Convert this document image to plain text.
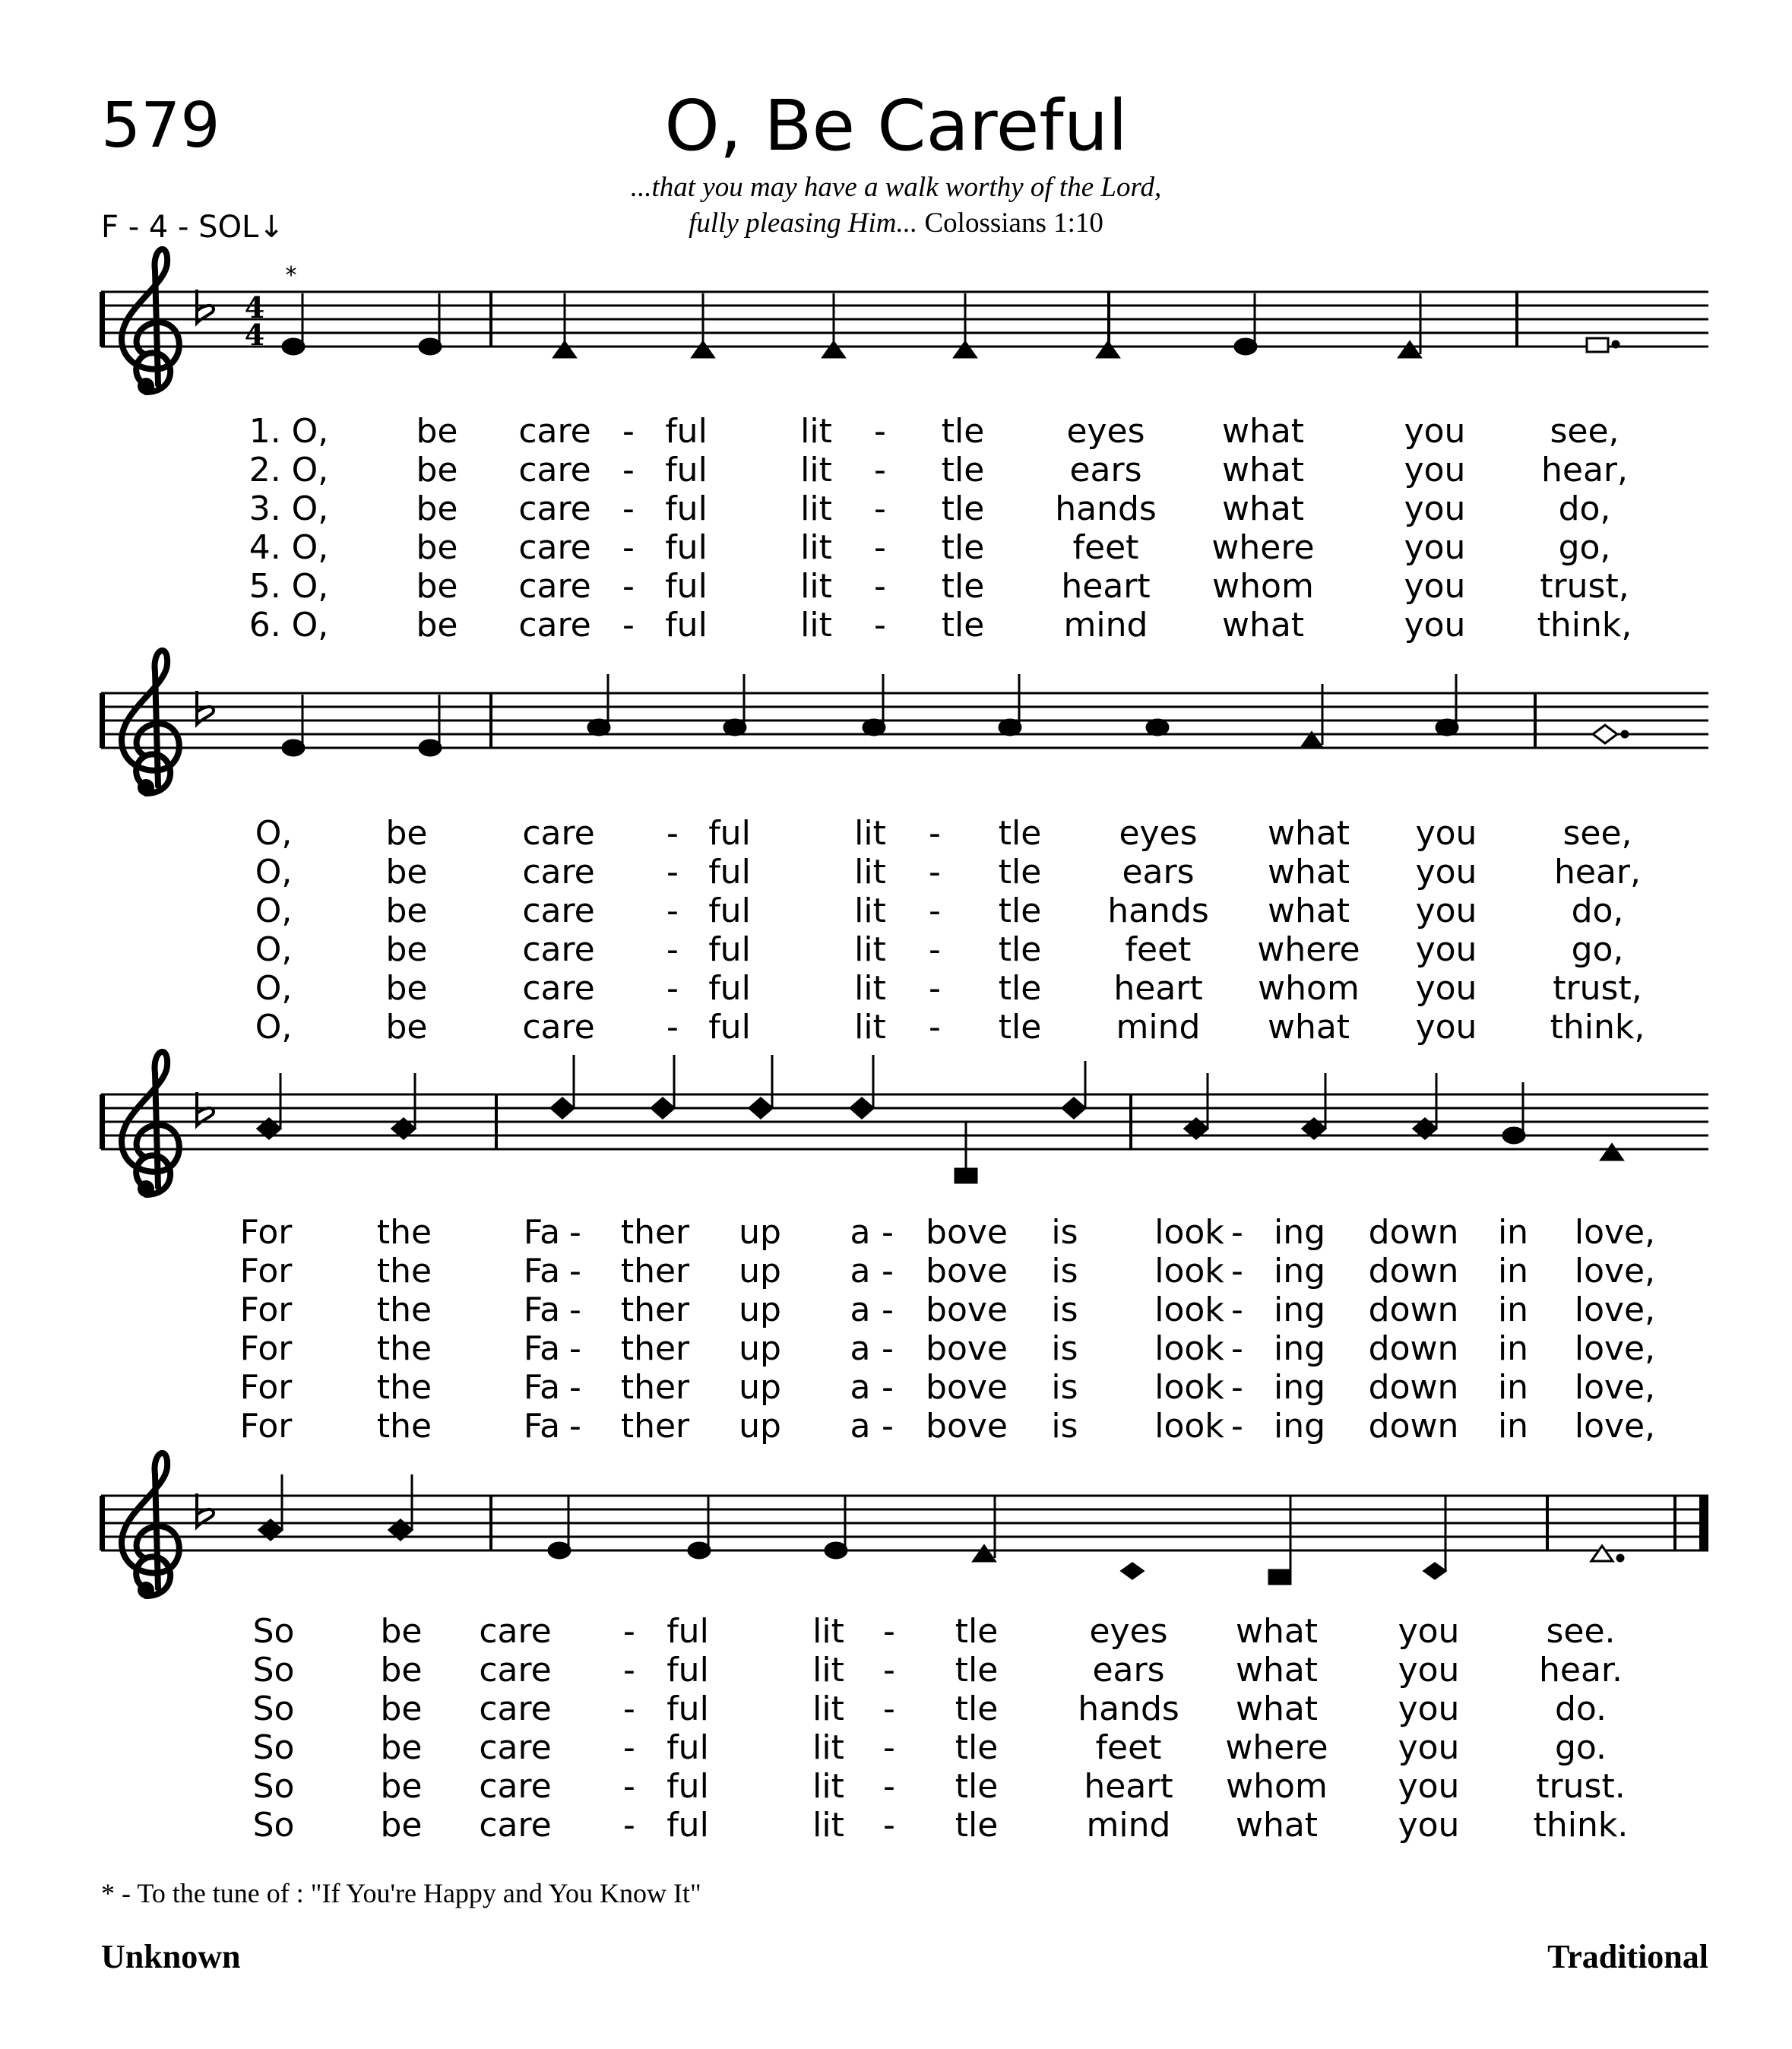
579	O, Be Careful
...that you may have a walk worthy of the Lord,
fully pleasing Him... Colossians 1:10
F - 4 - SOL↓
4
4
*
1. O,	be care - ful	lit - tle eyes what	you	see,
2. O,	be care - ful	lit - tle	ears what	you hear,
3. O,	be care - ful	lit - tle hands what	you	do,
4. O,	be care - ful	lit - tle	feet where	you	go,
5. O,	be care - ful	lit - tle heart whom	you trust,
6. O,	be care - ful	lit - tle mind what	you think,
O,	be	care - ful	lit - tle eyes what you	see,
O,	be	care - ful	lit - tle ears what you hear,
O,	be	care - ful	lit - tle hands what you	do,
O,	be	care - ful	lit - tle	feet where you	go,
O,	be	care - ful	lit - tle heart whom you trust,
O,	be	care - ful	lit - tle mind what you think,
For	the	Fa - ther up a - bove is look - ing down in love,
For	the	Fa - ther up a - bove is look - ing down in love,
For	the	Fa - ther up a - bove is look - ing down in love,
For	the	Fa - ther up a - bove is look - ing down in love,
For	the	Fa - ther up a - bove is look - ing down in love,
For	the	Fa - ther up a - bove is look - ing down in love,
So	be care - ful	lit - tle	eyes what you	see.
So	be care - ful	lit - tle	ears what you hear.
So	be care - ful	lit - tle hands what you	do.
So	be care - ful	lit - tle	feet where you	go.
So	be care - ful	lit - tle	heart whom you trust.
So	be care - ful	lit - tle	mind what you think.
* - To the tune of : "If You're Happy and You Know It"
Unknown	Traditional
